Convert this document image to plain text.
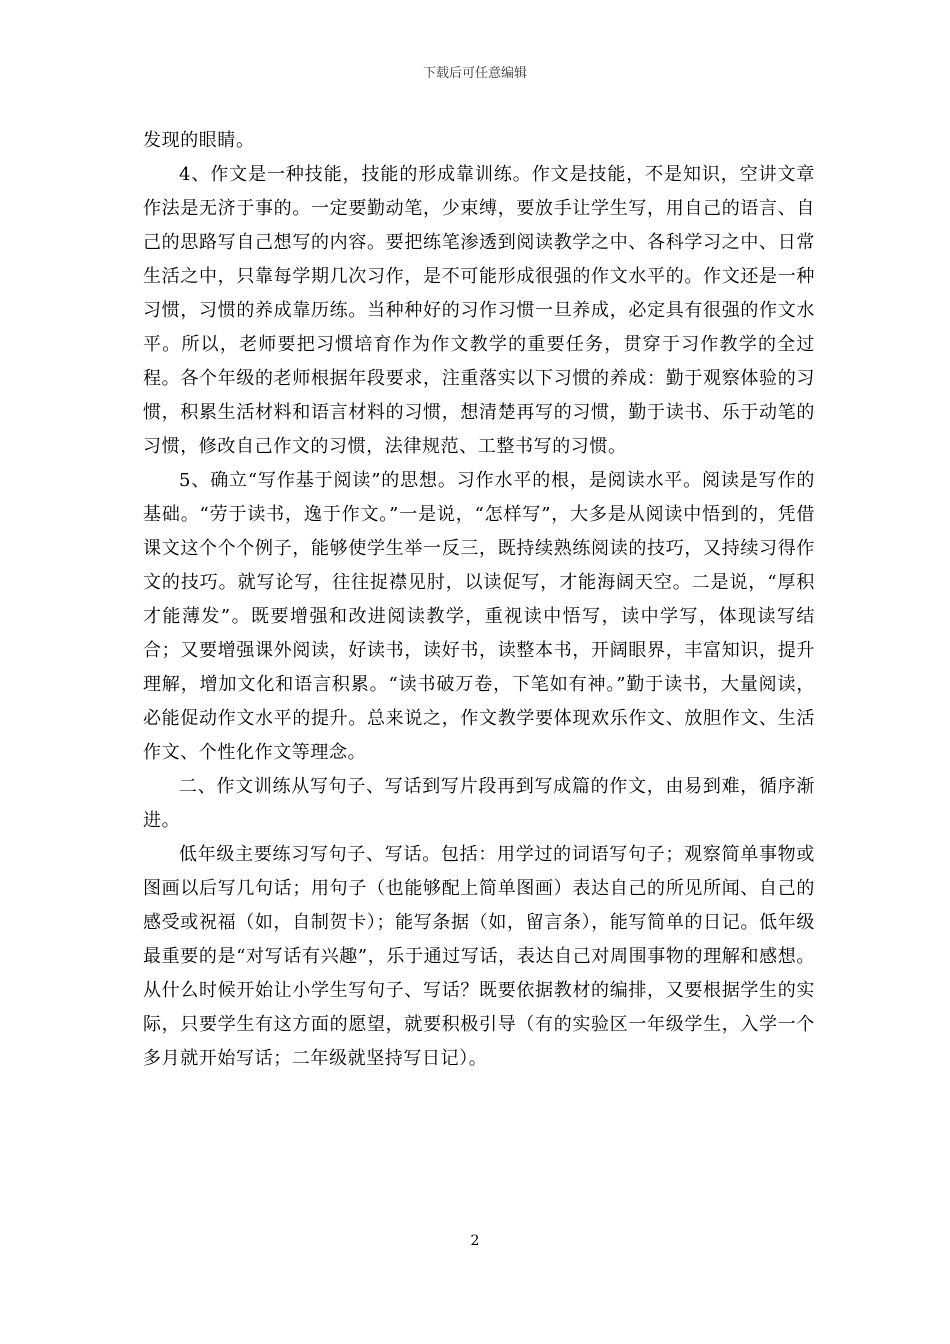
下载后可任意编辑

发现的眼睛。

4、作文是一种技能，技能的形成靠训练。作文是技能，不是知识，空讲文章作法是无济于事的。一定要勤动笔，少束缚，要放手让学生写，用自己的语言、自己的思路写自己想写的内容。要把练笔渗透到阅读教学之中、各科学习之中、日常生活之中，只靠每学期几次习作，是不可能形成很强的作文水平的。作文还是一种习惯，习惯的养成靠历练。当种种好的习作习惯一旦养成，必定具有很强的作文水平。所以，老师要把习惯培育作为作文教学的重要任务，贯穿于习作教学的全过程。各个年级的老师根据年段要求，注重落实以下习惯的养成：勤于观察体验的习惯，积累生活材料和语言材料的习惯，想清楚再写的习惯，勤于读书、乐于动笔的习惯，修改自己作文的习惯，法律规范、工整书写的习惯。

5、确立“写作基于阅读”的思想。习作水平的根，是阅读水平。阅读是写作的基础。“劳于读书，逸于作文。”一是说，“怎样写”，大多是从阅读中悟到的，凭借课文这个个个例子，能够使学生举一反三，既持续熟练阅读的技巧，又持续习得作文的技巧。就写论写，往往捉襟见肘，以读促写，才能海阔天空。二是说，“厚积才能薄发”。既要增强和改进阅读教学，重视读中悟写，读中学写，体现读写结合；又要增强课外阅读，好读书，读好书，读整本书，开阔眼界，丰富知识，提升理解，增加文化和语言积累。“读书破万卷，下笔如有神。”勤于读书，大量阅读，必能促动作文水平的提升。总来说之，作文教学要体现欢乐作文、放胆作文、生活作文、个性化作文等理念。

二、作文训练从写句子、写话到写片段再到写成篇的作文，由易到难，循序渐进。

低年级主要练习写句子、写话。包括：用学过的词语写句子；观察简单事物或图画以后写几句话；用句子（也能够配上简单图画）表达自己的所见所闻、自己的感受或祝福（如，自制贺卡）；能写条据（如，留言条），能写简单的日记。低年级最重要的是“对写话有兴趣”，乐于通过写话，表达自己对周围事物的理解和感想。从什么时候开始让小学生写句子、写话？既要依据教材的编排，又要根据学生的实际，只要学生有这方面的愿望，就要积极引导（有的实验区一年级学生，入学一个多月就开始写话；二年级就坚持写日记）。

2
